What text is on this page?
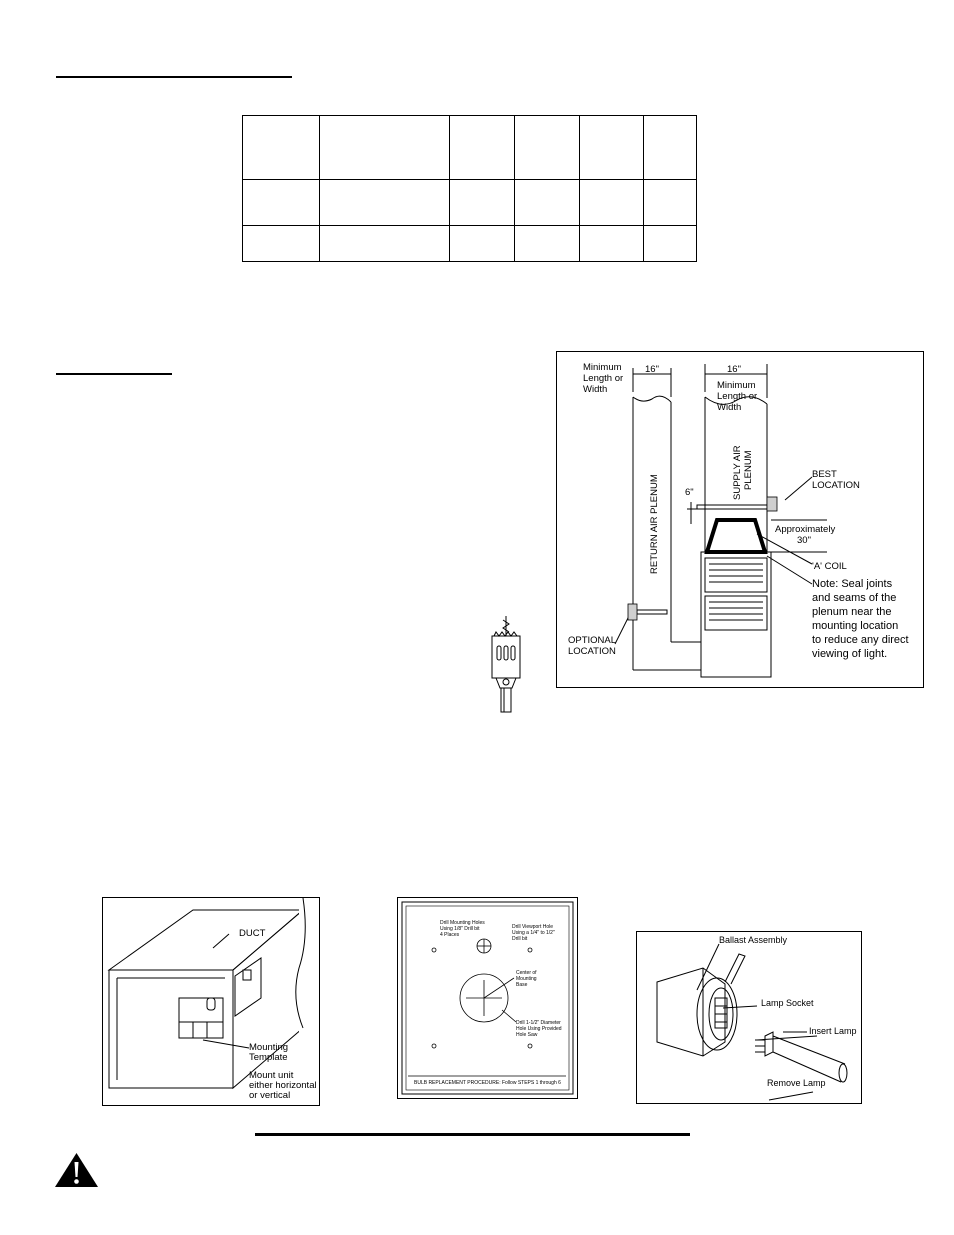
Minimum
Length or
Width
16"	16"
Minimum
Length or
Width
SUPPLY AIR PLENUM
RETURN AIR PLENUM	6"
BEST
LOCATION
Approximately
30"
'A' COIL
Note: Seal joints
and seams of the
plenum near the
mounting location
to reduce any direct
viewing of light.
OPTIONAL
LOCATION
DUCT
Mounting
Template
Mount unit
either horizontal
or vertical
Drill Mounting Holes
Using 1/8" Drill bit
4 Places
Drill Viewport Hole
Using a 1/4" to 1/2"
Drill bit
Center of
Mounting
Base
Drill 1-1/2" Diameter
Hole Using Provided
Hole Saw
BULB REPLACEMENT PROCEDURE: Follow STEPS 1 through 6
Ballast Assembly
Lamp Socket
Insert Lamp
Remove Lamp
